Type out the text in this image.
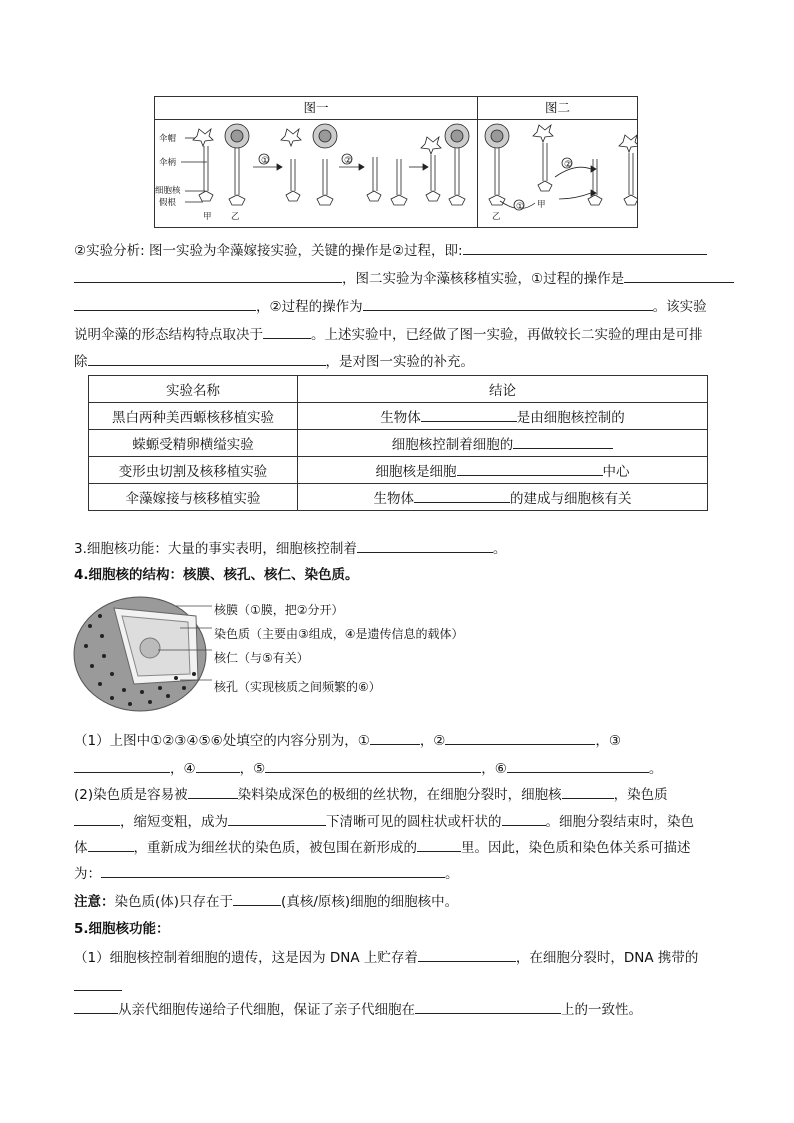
图一	图二
伞帽
伞柄
细胞核
假根
甲 乙	乙
甲
①	②
①
②
②实验分析: 图一实验为伞藻嫁接实验，关键的操作是②过程，即:
，图二实验为伞藻核移植实验，①过程的操作是
，②过程的操作为	。该实验
说明伞藻的形态结构特点取决于	。上述实验中，已经做了图一实验，再做较长二实验的理由是可排
除	，是对图一实验的补充。
实验名称	结论
黑白两种美西螈核移植实验	生物体 是由细胞核控制的
蝾螈受精卵横缢实验	细胞核控制着细胞的
变形虫切割及核移植实验	细胞核是细胞 中心
伞藻嫁接与核移植实验	生物体 的建成与细胞核有关
3.细胞核功能：大量的事实表明，细胞核控制着	。
4.细胞核的结构：核膜、核孔、核仁、染色质。
核膜（①膜，把②分开）
染色质（主要由③组成，④是遗传信息的载体）
核仁（与⑤有关）
核孔（实现核质之间频繁的⑥）
（1）上图中①②③④⑤⑥处填空的内容分别为，①	，②	，③
，④	，⑤	，⑥	。
(2)染色质是容易被	染料染成深色的极细的丝状物，在细胞分裂时，细胞核	，染色质
，缩短变粗，成为	下清晰可见的圆柱状或杆状的	。细胞分裂结束时，染色
体	，重新成为细丝状的染色质，被包围在新形成的	里。因此，染色质和染色体关系可描述
为：	。
注意：染色质(体)只存在于	(真核/原核)细胞的细胞核中。
5.细胞核功能：
（1）细胞核控制着细胞的遗传，这是因为 DNA 上贮存着	，在细胞分裂时，DNA 携带的
从亲代细胞传递给子代细胞，保证了亲子代细胞在	上的一致性。
